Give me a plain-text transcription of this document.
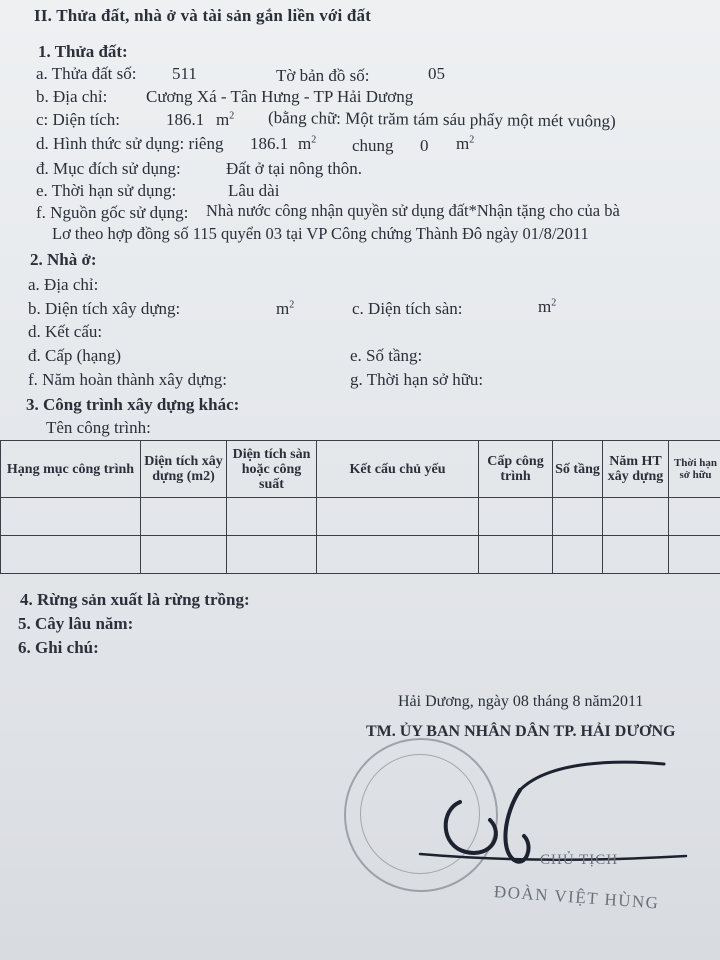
II. Thửa đất, nhà ở và tài sản gắn liền với đất
1. Thửa đất:
a. Thửa đất số: 511	Tờ bản đồ số:	05
b. Địa chỉ: Cương Xá - Tân Hưng - TP Hải Dương
c: Diện tích:	186.1 $m^2$ (bằng chữ: Một trăm tám sáu phẩy một mét vuông)
d. Hình thức sử dụng: riêng 186.1 $m^2$ chung 0 $m^2$
đ. Mục đích sử dụng:	Đất ở tại nông thôn.
e. Thời hạn sử dụng:	Lâu dài
f. Nguồn gốc sử dụng: Nhà nước công nhận quyền sử dụng đất*Nhận tặng cho của bà
Lơ theo hợp đồng số 115 quyển 03 tại VP Công chứng Thành Đô ngày 01/8/2011
2. Nhà ở:
a. Địa chỉ:
b. Diện tích xây dựng:	$m^2$	c. Diện tích sàn:	$m^2$
d. Kết cấu:
đ. Cấp (hạng)	e. Số tầng:
f. Năm hoàn thành xây dựng:	g. Thời hạn sở hữu:
3. Công trình xây dựng khác:
Tên công trình:
Hạng mục công trình	Diện tích xây dựng (m2)	Diện tích sàn hoặc công suất	Kết cấu chủ yếu	Cấp công trình	Số tầng	Năm HT xây dựng	Thời hạn sở hữu

4. Rừng sản xuất là rừng trồng:
5. Cây lâu năm:
6. Ghi chú:
Hải Dương, ngày 08 tháng 8 năm2011
TM. ỦY BAN NHÂN DÂN TP. HẢI DƯƠNG
CHỦ TỊCH
ĐOÀN VIỆT HÙNG
